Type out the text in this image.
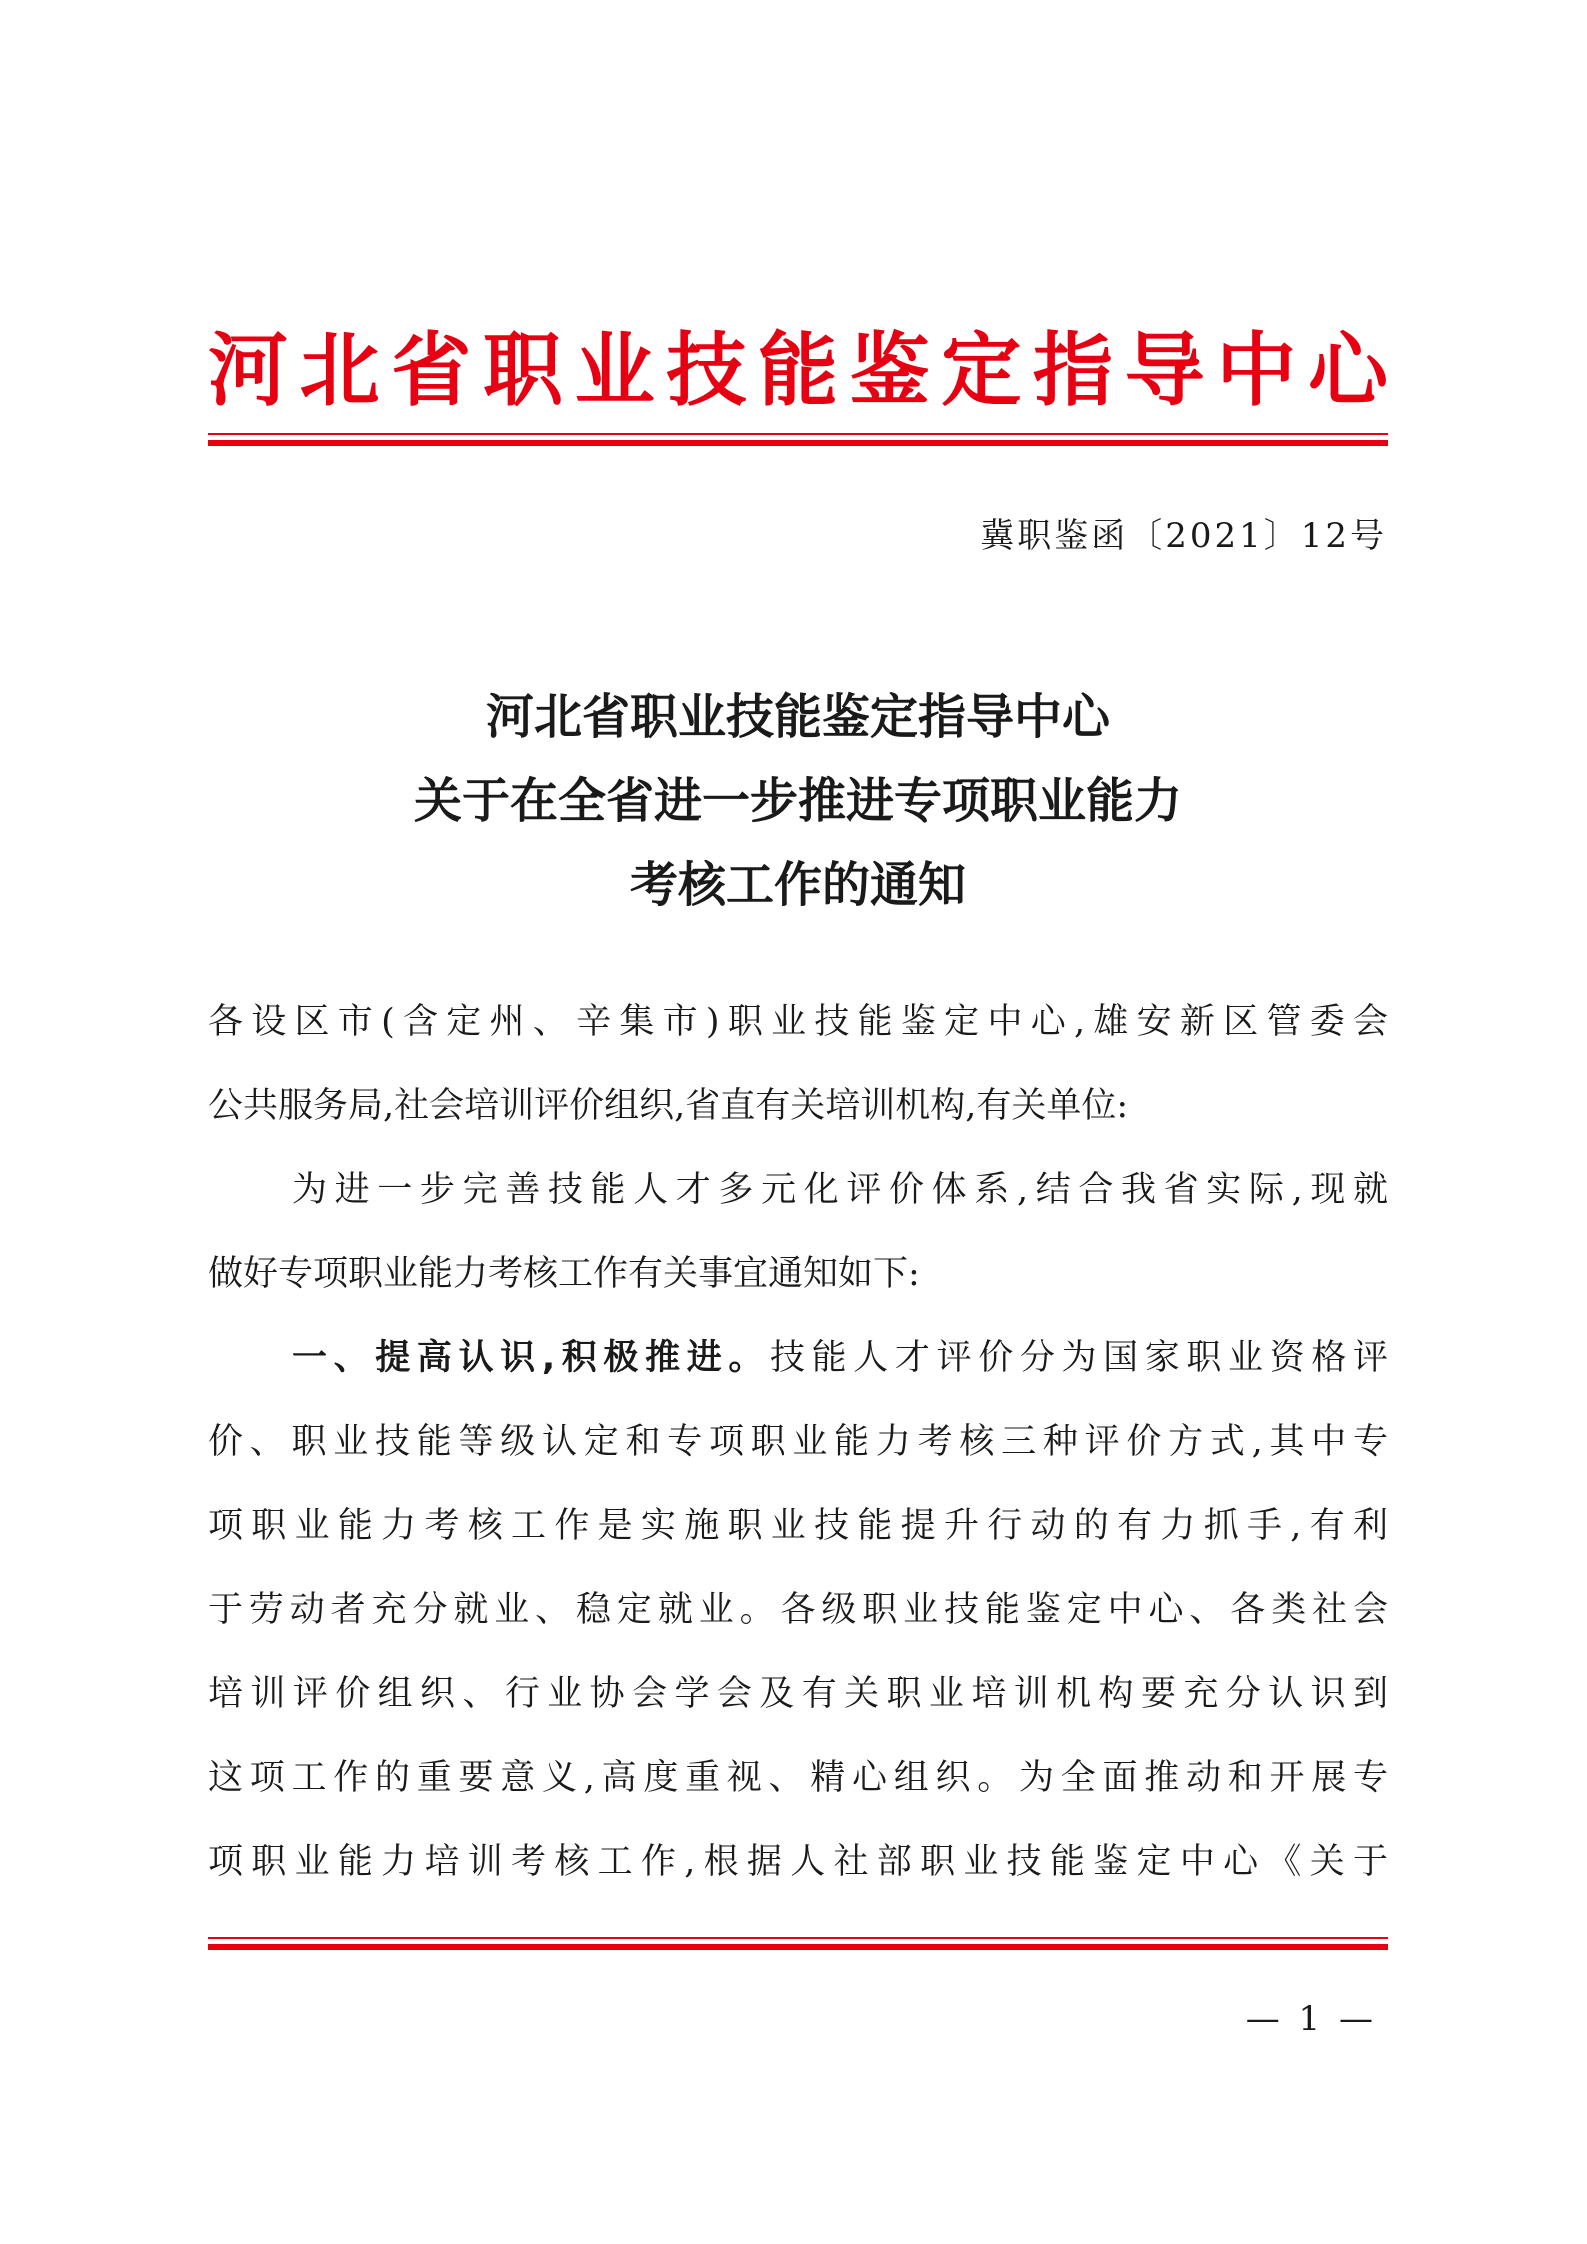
河北省职业技能鉴定指导中心
冀职鉴函〔2021〕12号
河北省职业技能鉴定指导中心
关于在全省进一步推进专项职业能力
考核工作的通知
各设区市(含定州、辛集市)职业技能鉴定中心,雄安新区管委会
公共服务局,社会培训评价组织,省直有关培训机构,有关单位:
为进一步完善技能人才多元化评价体系,结合我省实际,现就
做好专项职业能力考核工作有关事宜通知如下:
一、提高认识,积极推进。技能人才评价分为国家职业资格评
价、职业技能等级认定和专项职业能力考核三种评价方式,其中专
项职业能力考核工作是实施职业技能提升行动的有力抓手,有利
于劳动者充分就业、稳定就业。各级职业技能鉴定中心、各类社会
培训评价组织、行业协会学会及有关职业培训机构要充分认识到
这项工作的重要意义,高度重视、精心组织。为全面推动和开展专
项职业能力培训考核工作,根据人社部职业技能鉴定中心《关于
— 1 —
